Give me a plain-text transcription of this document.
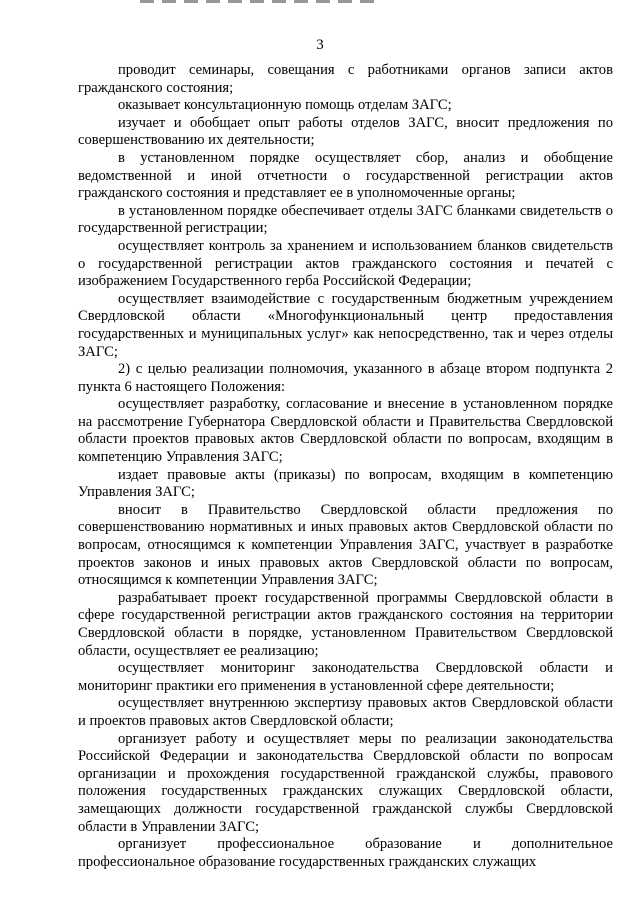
3

проводит семинары, совещания с работниками органов записи актов гражданского состояния;

оказывает консультационную помощь отделам ЗАГС;

изучает и обобщает опыт работы отделов ЗАГС, вносит предложения по совершенствованию их деятельности;

в установленном порядке осуществляет сбор, анализ и обобщение ведомственной и иной отчетности о государственной регистрации актов гражданского состояния и представляет ее в уполномоченные органы;

в установленном порядке обеспечивает отделы ЗАГС бланками свидетельств о государственной регистрации;

осуществляет контроль за хранением и использованием бланков свидетельств о государственной регистрации актов гражданского состояния и печатей с изображением Государственного герба Российской Федерации;

осуществляет взаимодействие с государственным бюджетным учреждением Свердловской области «Многофункциональный центр предоставления государственных и муниципальных услуг» как непосредственно, так и через отделы ЗАГС;

2) с целью реализации полномочия, указанного в абзаце втором подпункта 2 пункта 6 настоящего Положения:

осуществляет разработку, согласование и внесение в установленном порядке на рассмотрение Губернатора Свердловской области и Правительства Свердловской области проектов правовых актов Свердловской области по вопросам, входящим в компетенцию Управления ЗАГС;

издает правовые акты (приказы) по вопросам, входящим в компетенцию Управления ЗАГС;

вносит в Правительство Свердловской области предложения по совершенствованию нормативных и иных правовых актов Свердловской области по вопросам, относящимся к компетенции Управления ЗАГС, участвует в разработке проектов законов и иных правовых актов Свердловской области по вопросам, относящимся к компетенции Управления ЗАГС;

разрабатывает проект государственной программы Свердловской области в сфере государственной регистрации актов гражданского состояния на территории Свердловской области в порядке, установленном Правительством Свердловской области, осуществляет ее реализацию;

осуществляет мониторинг законодательства Свердловской области и мониторинг практики его применения в установленной сфере деятельности;

осуществляет внутреннюю экспертизу правовых актов Свердловской области и проектов правовых актов Свердловской области;

организует работу и осуществляет меры по реализации законодательства Российской Федерации и законодательства Свердловской области по вопросам организации и прохождения государственной гражданской службы, правового положения государственных гражданских служащих Свердловской области, замещающих должности государственной гражданской службы Свердловской области в Управлении ЗАГС;

организует профессиональное образование и дополнительное профессиональное образование государственных гражданских служащих
